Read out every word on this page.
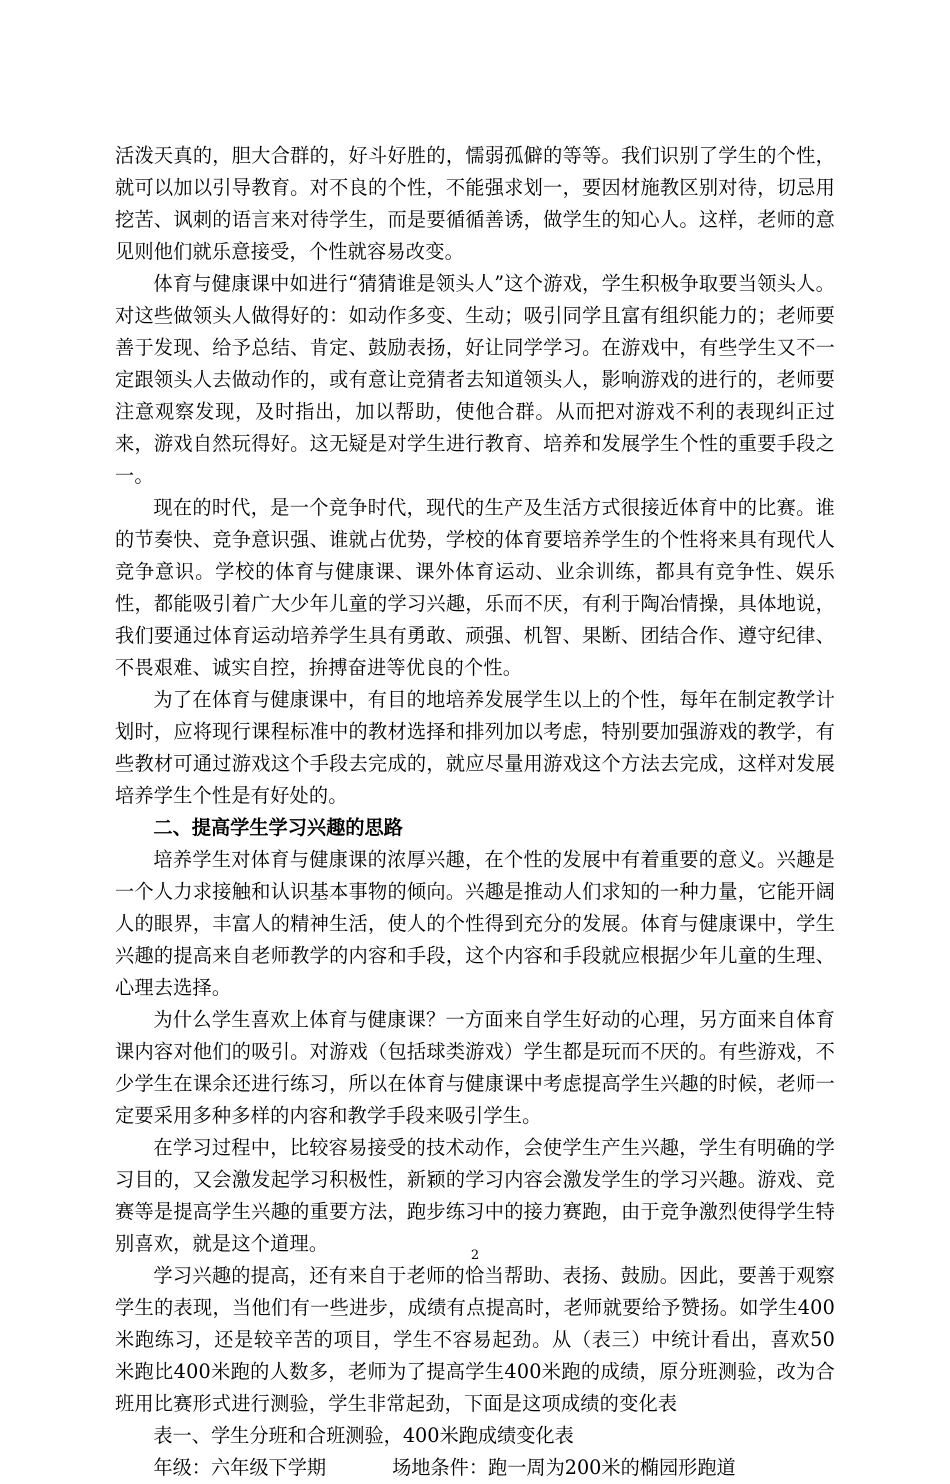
活泼天真的，胆大合群的，好斗好胜的，懦弱孤僻的等等。我们识别了学生的个性，就可以加以引导教育。对不良的个性，不能强求划一，要因材施教区别对待，切忌用挖苦、讽刺的语言来对待学生，而是要循循善诱，做学生的知心人。这样，老师的意见则他们就乐意接受，个性就容易改变。

体育与健康课中如进行“猜猜谁是领头人”这个游戏，学生积极争取要当领头人。对这些做领头人做得好的：如动作多变、生动；吸引同学且富有组织能力的；老师要善于发现、给予总结、肯定、鼓励表扬，好让同学学习。在游戏中，有些学生又不一定跟领头人去做动作的，或有意让竞猜者去知道领头人，影响游戏的进行的，老师要注意观察发现，及时指出，加以帮助，使他合群。从而把对游戏不利的表现纠正过来，游戏自然玩得好。这无疑是对学生进行教育、培养和发展学生个性的重要手段之一。

现在的时代，是一个竞争时代，现代的生产及生活方式很接近体育中的比赛。谁的节奏快、竞争意识强、谁就占优势，学校的体育要培养学生的个性将来具有现代人竞争意识。学校的体育与健康课、课外体育运动、业余训练，都具有竞争性、娱乐性，都能吸引着广大少年儿童的学习兴趣，乐而不厌，有利于陶冶情操，具体地说，我们要通过体育运动培养学生具有勇敢、顽强、机智、果断、团结合作、遵守纪律、不畏艰难、诚实自控，拚搏奋进等优良的个性。

为了在体育与健康课中，有目的地培养发展学生以上的个性，每年在制定教学计划时，应将现行课程标准中的教材选择和排列加以考虑，特别要加强游戏的教学，有些教材可通过游戏这个手段去完成的，就应尽量用游戏这个方法去完成，这样对发展培养学生个性是有好处的。

二、提高学生学习兴趣的思路

培养学生对体育与健康课的浓厚兴趣，在个性的发展中有着重要的意义。兴趣是一个人力求接触和认识基本事物的倾向。兴趣是推动人们求知的一种力量，它能开阔人的眼界，丰富人的精神生活，使人的个性得到充分的发展。体育与健康课中，学生兴趣的提高来自老师教学的内容和手段，这个内容和手段就应根据少年儿童的生理、心理去选择。

为什么学生喜欢上体育与健康课？一方面来自学生好动的心理，另方面来自体育课内容对他们的吸引。对游戏（包括球类游戏）学生都是玩而不厌的。有些游戏，不少学生在课余还进行练习，所以在体育与健康课中考虑提高学生兴趣的时候，老师一定要采用多种多样的内容和教学手段来吸引学生。

在学习过程中，比较容易接受的技术动作，会使学生产生兴趣，学生有明确的学习目的，又会激发起学习积极性，新颖的学习内容会激发学生的学习兴趣。游戏、竞赛等是提高学生兴趣的重要方法，跑步练习中的接力赛跑，由于竞争激烈使得学生特别喜欢，就是这个道理。

学习兴趣的提高，还有来自于老师的恰当帮助、表扬、鼓励。因此，要善于观察学生的表现，当他们有一些进步，成绩有点提高时，老师就要给予赞扬。如学生400米跑练习，还是较辛苦的项目，学生不容易起劲。从（表三）中统计看出，喜欢50米跑比400米跑的人数多，老师为了提高学生400米跑的成绩，原分班测验，改为合班用比赛形式进行测验，学生非常起劲，下面是这项成绩的变化表

表一、学生分班和合班测验，400米跑成绩变化表

年级：六年级下学期	场地条件：跑一周为200米的椭园形跑道

2
